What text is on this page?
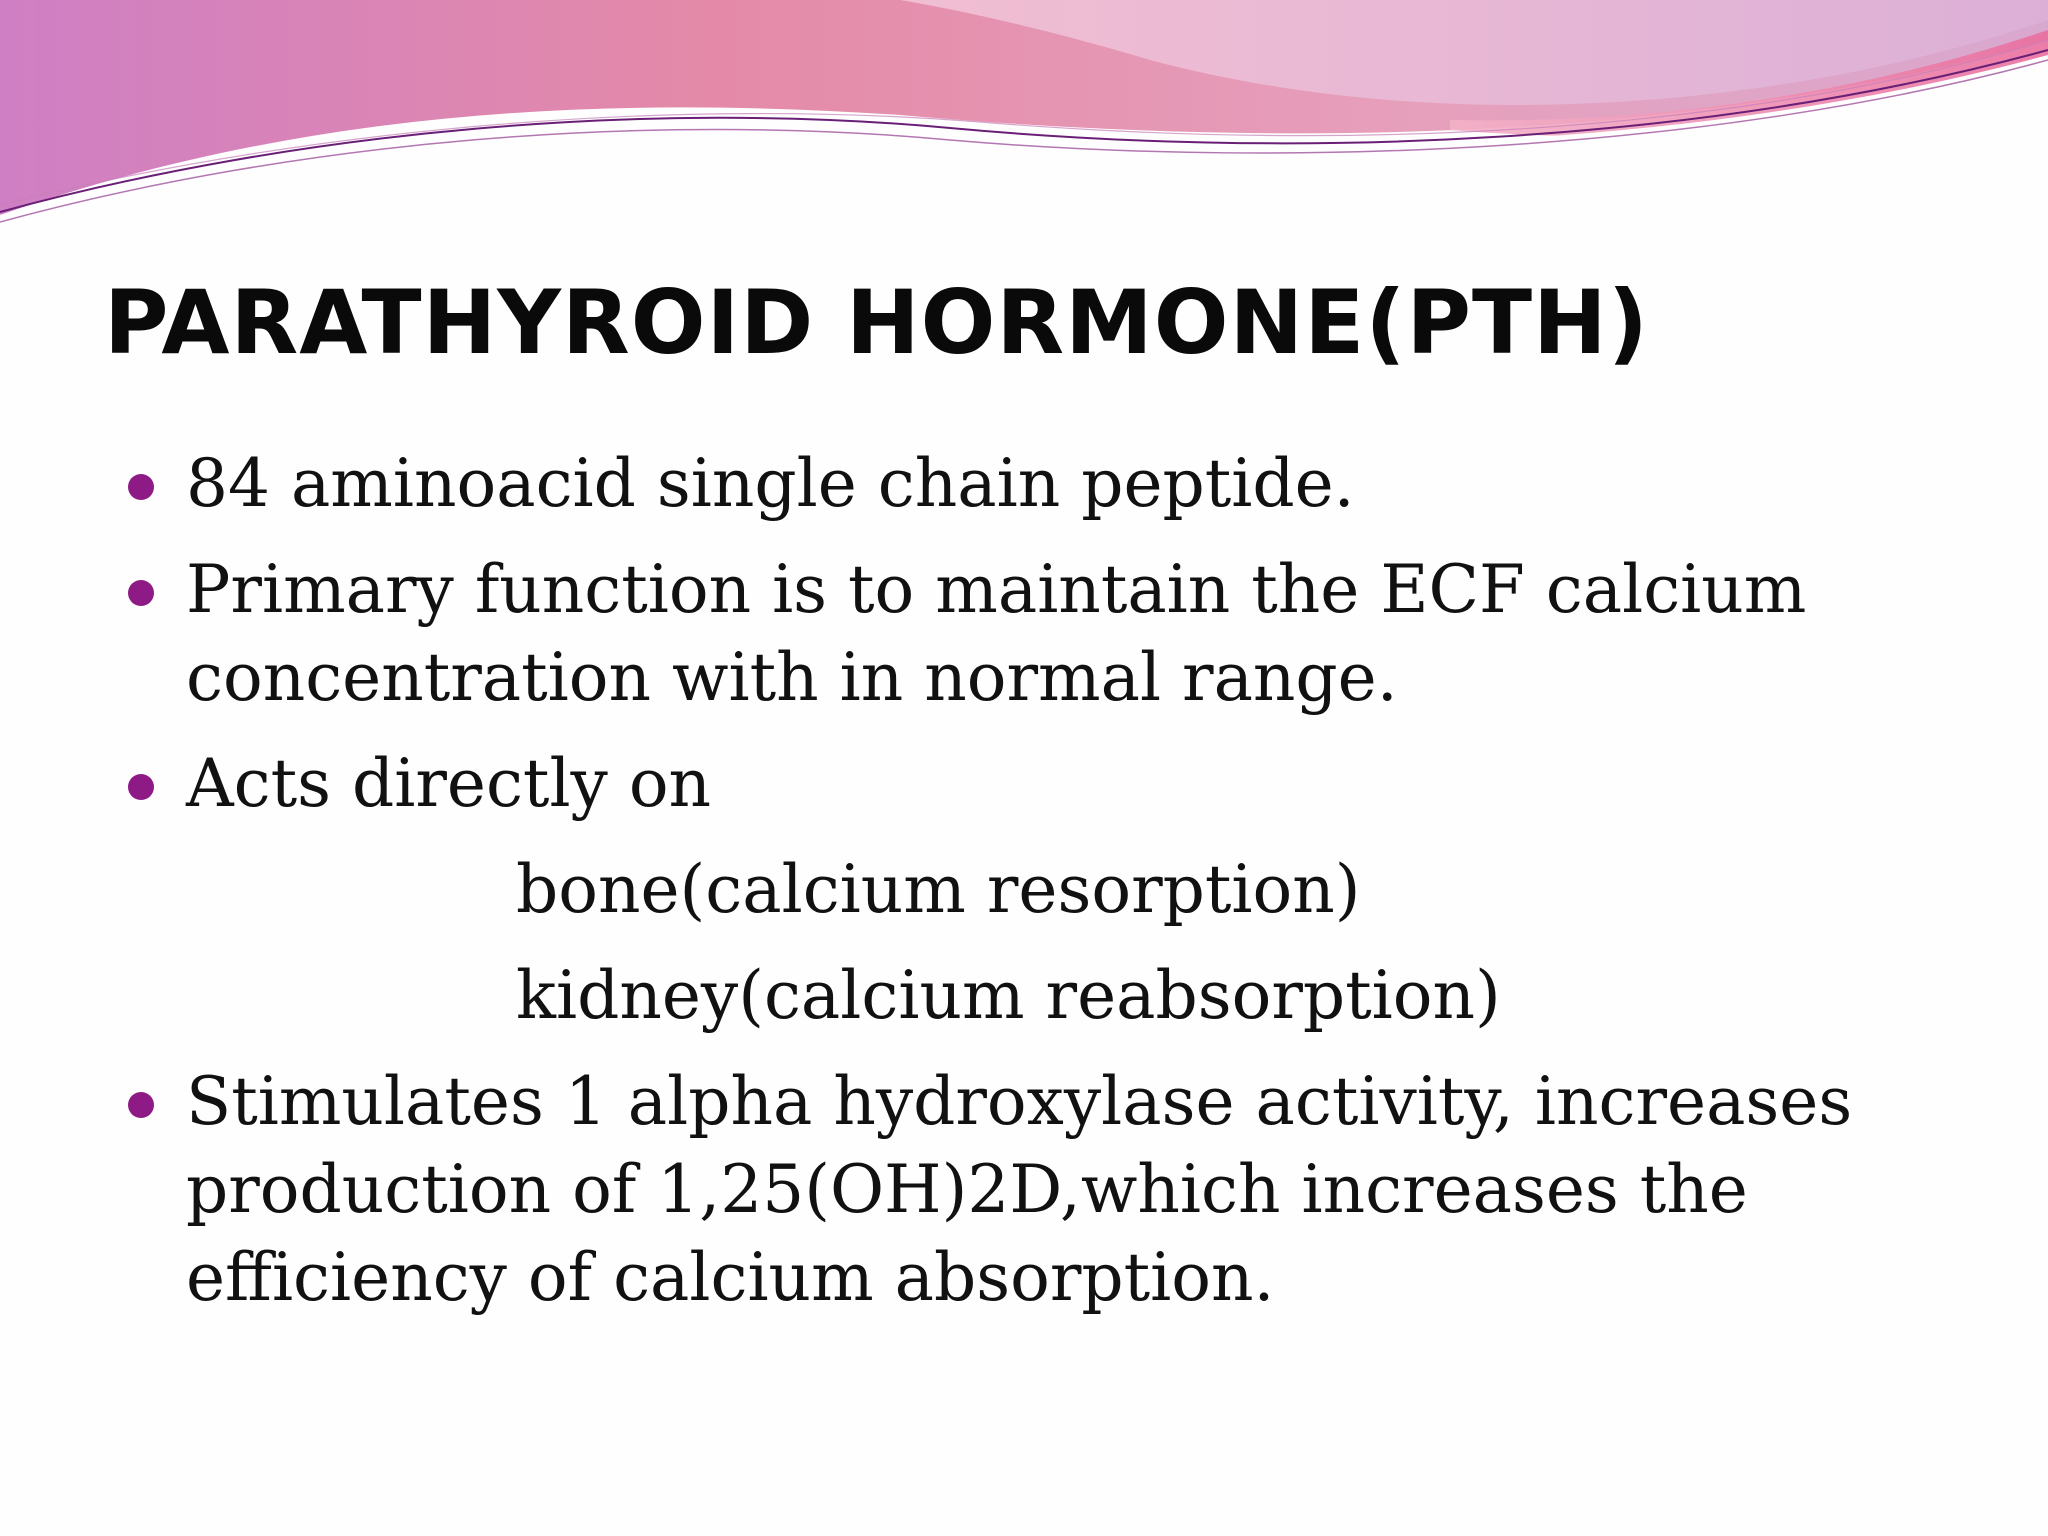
PARATHYROID HORMONE(PTH)
84 aminoacid single chain peptide.
Primary function is to maintain the ECF calcium concentration with in normal range.
Acts directly on
bone(calcium resorption)
kidney(calcium reabsorption)
Stimulates 1 alpha hydroxylase activity, increases production of 1,25(OH)2D,which increases the efficiency of calcium absorption.
